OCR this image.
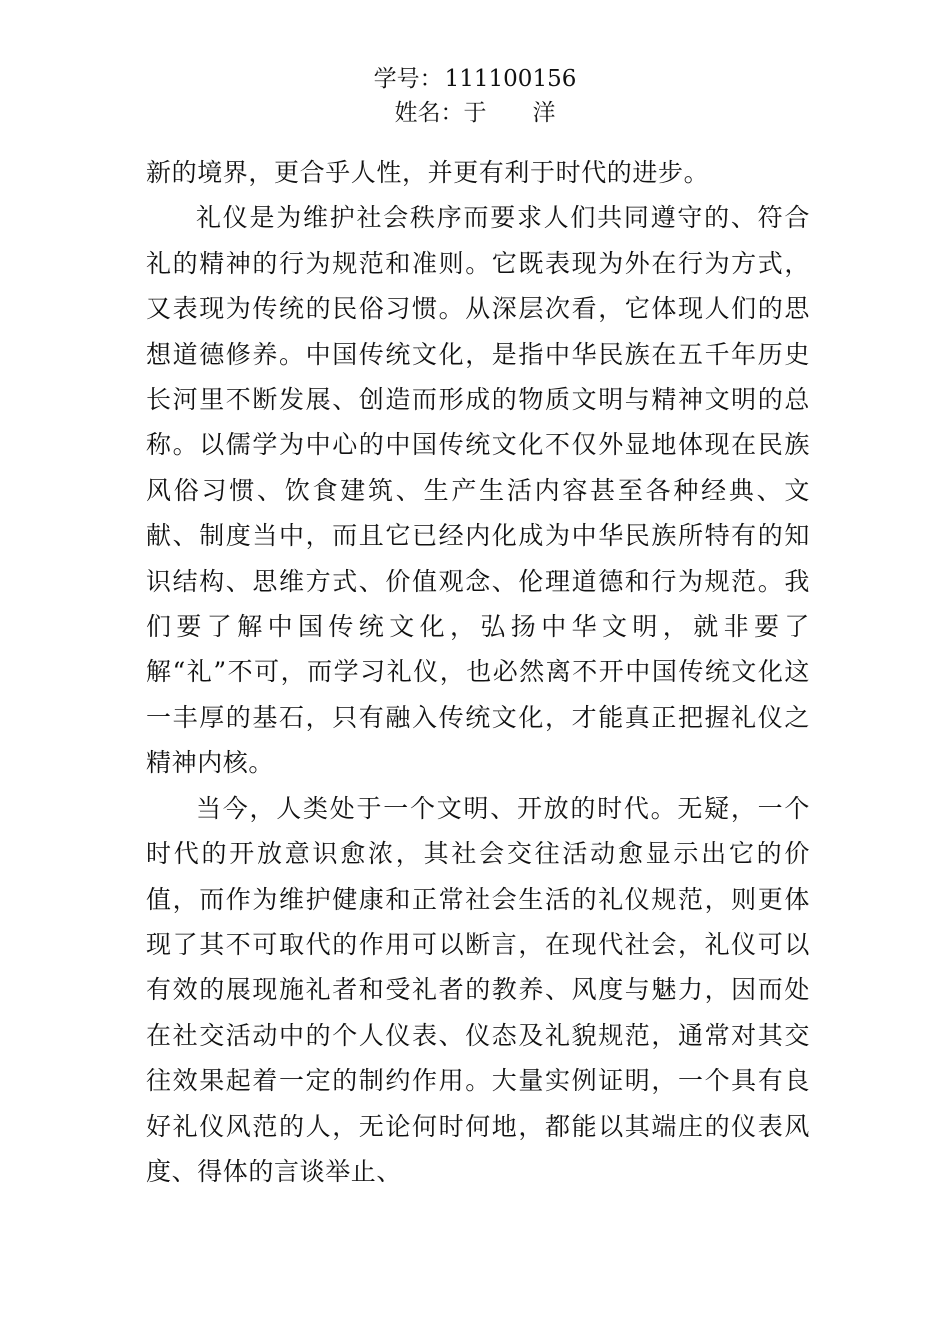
学号：111100156
姓名：于 洋

新的境界，更合乎人性，并更有利于时代的进步。

礼仪是为维护社会秩序而要求人们共同遵守的、符合礼的精神的行为规范和准则。它既表现为外在行为方式，又表现为传统的民俗习惯。从深层次看，它体现人们的思想道德修养。中国传统文化，是指中华民族在五千年历史长河里不断发展、创造而形成的物质文明与精神文明的总称。以儒学为中心的中国传统文化不仅外显地体现在民族风俗习惯、饮食建筑、生产生活内容甚至各种经典、文献、制度当中，而且它已经内化成为中华民族所特有的知识结构、思维方式、价值观念、伦理道德和行为规范。我们要了解中国传统文化，弘扬中华文明，就非要了解“礼”不可，而学习礼仪，也必然离不开中国传统文化这一丰厚的基石，只有融入传统文化，才能真正把握礼仪之精神内核。

当今，人类处于一个文明、开放的时代。无疑，一个时代的开放意识愈浓，其社会交往活动愈显示出它的价值，而作为维护健康和正常社会生活的礼仪规范，则更体现了其不可取代的作用可以断言，在现代社会，礼仪可以有效的展现施礼者和受礼者的教养、风度与魅力，因而处在社交活动中的个人仪表、仪态及礼貌规范，通常对其交往效果起着一定的制约作用。大量实例证明，一个具有良好礼仪风范的人，无论何时何地，都能以其端庄的仪表风度、得体的言谈举止、
